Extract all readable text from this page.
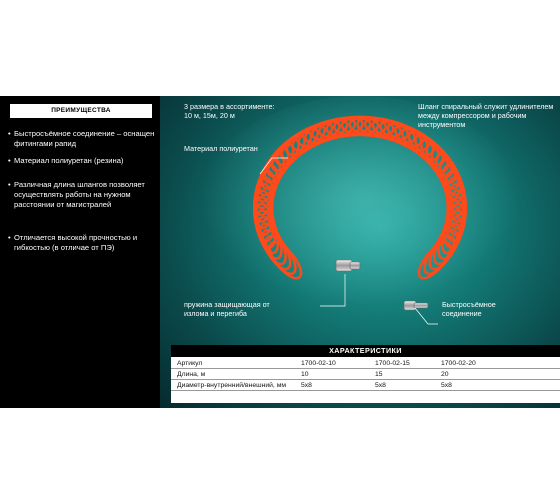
ПРЕИМУЩЕСТВА
• Быстросъёмное соединение – оснащен фитингами рапид
• Материал полиуретан (резина)
• Различная длина шлангов позволяет осуществлять работы на нужном расстоянии от магистралей
• Отличается высокой прочностью и гибкостью (в отличае от ПЭ)
3 размера в ассортименте:
10 м, 15м, 20 м
Шланг спиральный служит удлинителем между компрессором и рабочим инструментом
Материал полиуретан
пружина защищающая от излома и перегиба
Быстросъёмное соединение
ХАРАКТЕРИСТИКИ
Артикул	1700-02-10	1700-02-15	1700-02-20
Длина, м	10	15	20
Диаметр-внутренний/внешний, мм 5х8	5х8	5х8
